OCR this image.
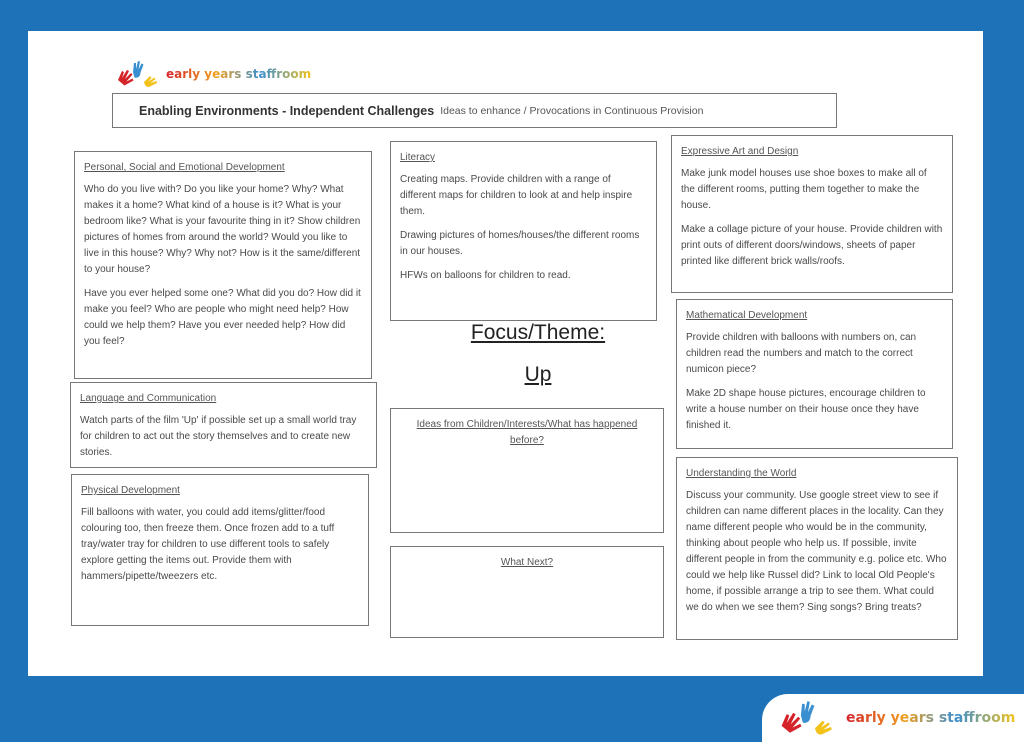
early years staffroom
Enabling Environments - Independent Challenges Ideas to enhance / Provocations in Continuous Provision
Personal, Social and Emotional Development

Who do you live with? Do you like your home? Why? What makes it a home? What kind of a house is it? What is your bedroom like? What is your favourite thing in it? Show children pictures of homes from around the world? Would you like to live in this house? Why? Why not? How is it the same/different to your house?

Have you ever helped some one? What did you do? How did it make you feel? Who are people who might need help? How could we help them? Have you ever needed help? How did you feel?

Literacy

Creating maps. Provide children with a range of different maps for children to look at and help inspire them.

Drawing pictures of homes/houses/the different rooms in our houses.

HFWs on balloons for children to read.

Expressive Art and Design

Make junk model houses use shoe boxes to make all of the different rooms, putting them together to make the house.

Make a collage picture of your house. Provide children with print outs of different doors/windows, sheets of paper printed like different brick walls/roofs.

Focus/Theme:
Up
Mathematical Development

Provide children with balloons with numbers on, can children read the numbers and match to the correct numicon piece?

Make 2D shape house pictures, encourage children to write a house number on their house once they have finished it.

Language and Communication

Watch parts of the film 'Up' if possible set up a small world tray for children to act out the story themselves and to create new stories.

Ideas from Children/Interests/What has happened before?
Physical Development

Fill balloons with water, you could add items/glitter/food colouring too, then freeze them. Once frozen add to a tuff tray/water tray for children to use different tools to safely explore getting the items out. Provide them with hammers/pipette/tweezers etc.

Understanding the World

Discuss your community. Use google street view to see if children can name different places in the locality. Can they name different people who would be in the community, thinking about people who help us. If possible, invite different people in from the community e.g. police etc. Who could we help like Russel did? Link to local Old People's home, if possible arrange a trip to see them. What could we do when we see them? Sing songs? Bring treats?

What Next?
early years staffroom
